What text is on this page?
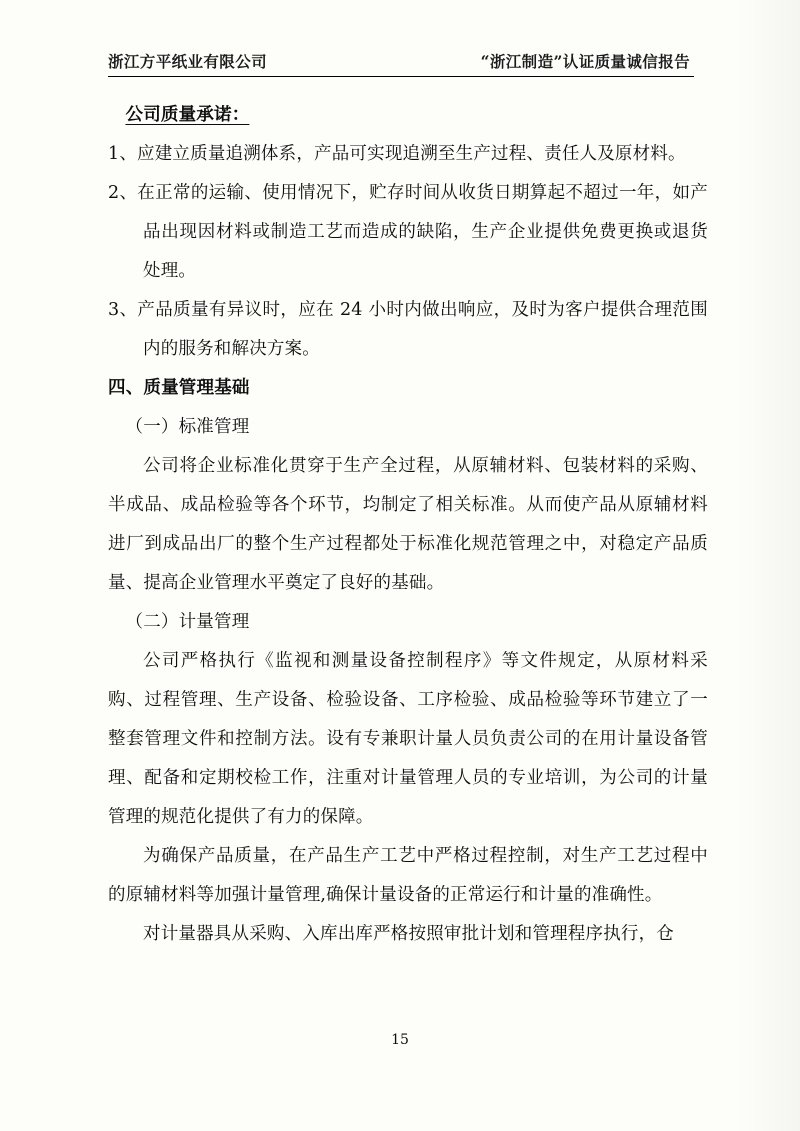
浙江方平纸业有限公司	“浙江制造”认证质量诚信报告

公司质量承诺：

1、应建立质量追溯体系，产品可实现追溯至生产过程、责任人及原材料。

2、在正常的运输、使用情况下，贮存时间从收货日期算起不超过一年，如产品出现因材料或制造工艺而造成的缺陷，生产企业提供免费更换或退货处理。

3、产品质量有异议时，应在 24 小时内做出响应，及时为客户提供合理范围内的服务和解决方案。

四、质量管理基础

（一）标准管理

公司将企业标准化贯穿于生产全过程，从原辅材料、包装材料的采购、半成品、成品检验等各个环节，均制定了相关标准。从而使产品从原辅材料进厂到成品出厂的整个生产过程都处于标准化规范管理之中，对稳定产品质量、提高企业管理水平奠定了良好的基础。

（二）计量管理

公司严格执行《监视和测量设备控制程序》等文件规定，从原材料采购、过程管理、生产设备、检验设备、工序检验、成品检验等环节建立了一整套管理文件和控制方法。设有专兼职计量人员负责公司的在用计量设备管理、配备和定期校检工作，注重对计量管理人员的专业培训，为公司的计量管理的规范化提供了有力的保障。

为确保产品质量，在产品生产工艺中严格过程控制，对生产工艺过程中的原辅材料等加强计量管理,确保计量设备的正常运行和计量的准确性。

对计量器具从采购、入库出库严格按照审批计划和管理程序执行，仓

15
